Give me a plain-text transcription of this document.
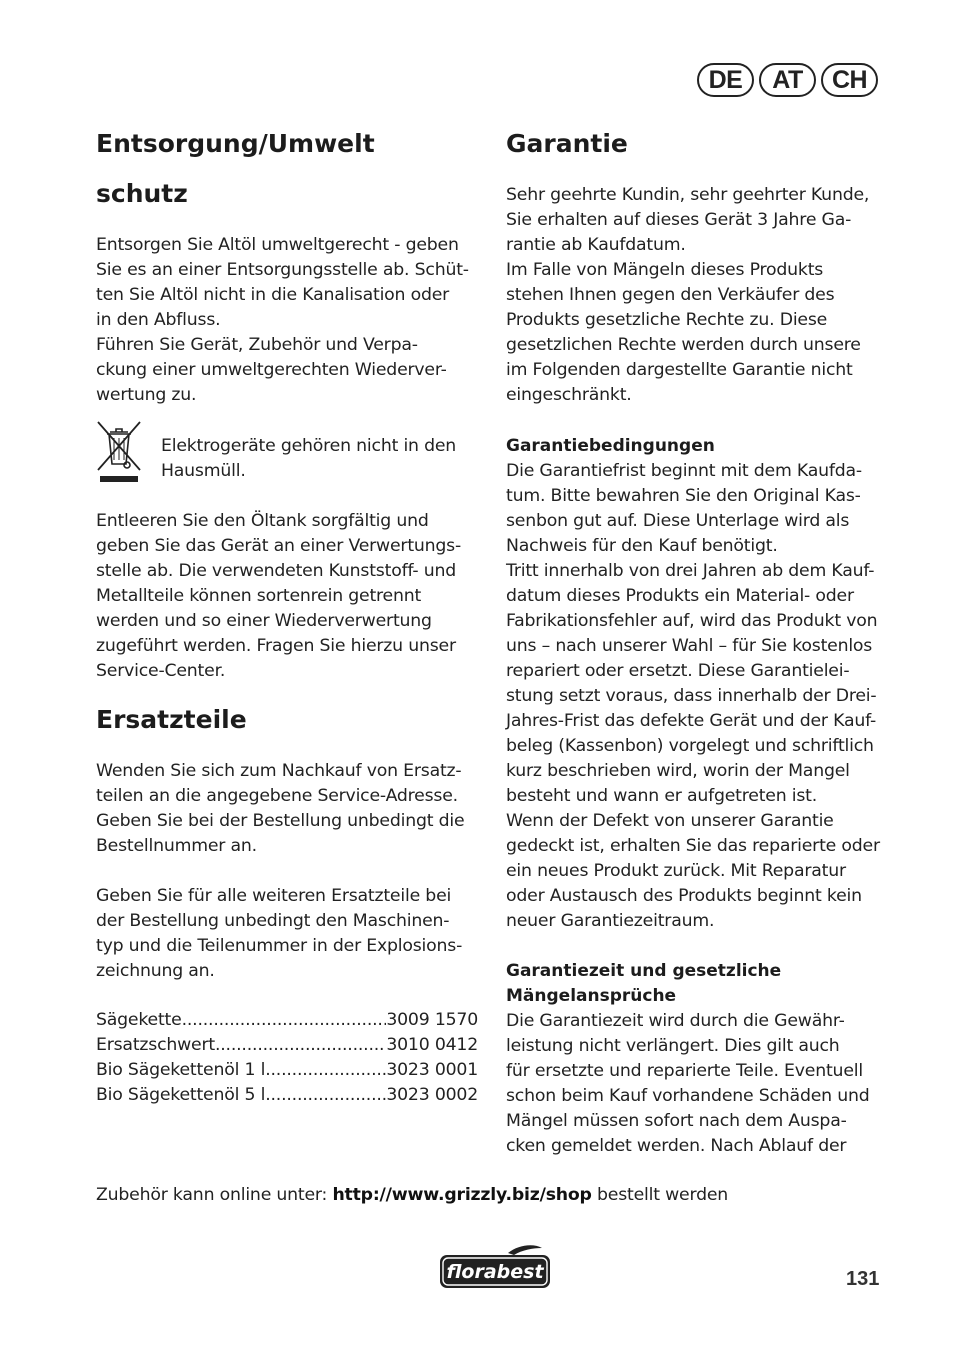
DE	AT	CH
Entsorgung/Umwelt
schutz

Entsorgen Sie Altöl umweltgerecht - geben
Sie es an einer Entsorgungsstelle ab. Schüt-
ten Sie Altöl nicht in die Kanalisation oder
in den Abfluss.
Führen Sie Gerät, Zubehör und Verpa-
ckung einer umweltgerechten Wiederver-
wertung zu.

Elektrogeräte gehören nicht in den
Hausmüll.

Entleeren Sie den Öltank sorgfältig und
geben Sie das Gerät an einer Verwertungs-
stelle ab. Die verwendeten Kunststoff- und
Metallteile können sortenrein getrennt
werden und so einer Wiederverwertung
zugeführt werden. Fragen Sie hierzu unser
Service-Center.

Ersatzteile

Wenden Sie sich zum Nachkauf von Ersatz-
teilen an die angegebene Service-Adresse.
Geben Sie bei der Bestellung unbedingt die
Bestellnummer an.

Geben Sie für alle weiteren Ersatzteile bei
der Bestellung unbedingt den Maschinen-
typ und die Teilenummer in der Explosions-
zeichnung an.

Sägekette .....	3009 1570
Ersatzschwert .....	3010 0412
Bio Sägekettenöl 1 l .....	3023 0001
Bio Sägekettenöl 5 l .....	3023 0002
Garantie

Sehr geehrte Kundin, sehr geehrter Kunde,
Sie erhalten auf dieses Gerät 3 Jahre Ga-
rantie ab Kaufdatum.
Im Falle von Mängeln dieses Produkts
stehen Ihnen gegen den Verkäufer des
Produkts gesetzliche Rechte zu. Diese
gesetzlichen Rechte werden durch unsere
im Folgenden dargestellte Garantie nicht
eingeschränkt.

Garantiebedingungen

Die Garantiefrist beginnt mit dem Kaufda-
tum. Bitte bewahren Sie den Original Kas-
senbon gut auf. Diese Unterlage wird als
Nachweis für den Kauf benötigt.
Tritt innerhalb von drei Jahren ab dem Kauf-
datum dieses Produkts ein Material- oder
Fabrikationsfehler auf, wird das Produkt von
uns – nach unserer Wahl – für Sie kostenlos
repariert oder ersetzt. Diese Garantielei-
stung setzt voraus, dass innerhalb der Drei-
Jahres-Frist das defekte Gerät und der Kauf-
beleg (Kassenbon) vorgelegt und schriftlich
kurz beschrieben wird, worin der Mangel
besteht und wann er aufgetreten ist.
Wenn der Defekt von unserer Garantie
gedeckt ist, erhalten Sie das reparierte oder
ein neues Produkt zurück. Mit Reparatur
oder Austausch des Produkts beginnt kein
neuer Garantiezeitraum.

Garantiezeit und gesetzliche
Mängelansprüche

Die Garantiezeit wird durch die Gewähr-
leistung nicht verlängert. Dies gilt auch
für ersetzte und reparierte Teile. Eventuell
schon beim Kauf vorhandene Schäden und
Mängel müssen sofort nach dem Auspa-
cken gemeldet werden. Nach Ablauf der

Zubehör kann online unter: http://www.grizzly.biz/shop bestellt werden
florabest	131
